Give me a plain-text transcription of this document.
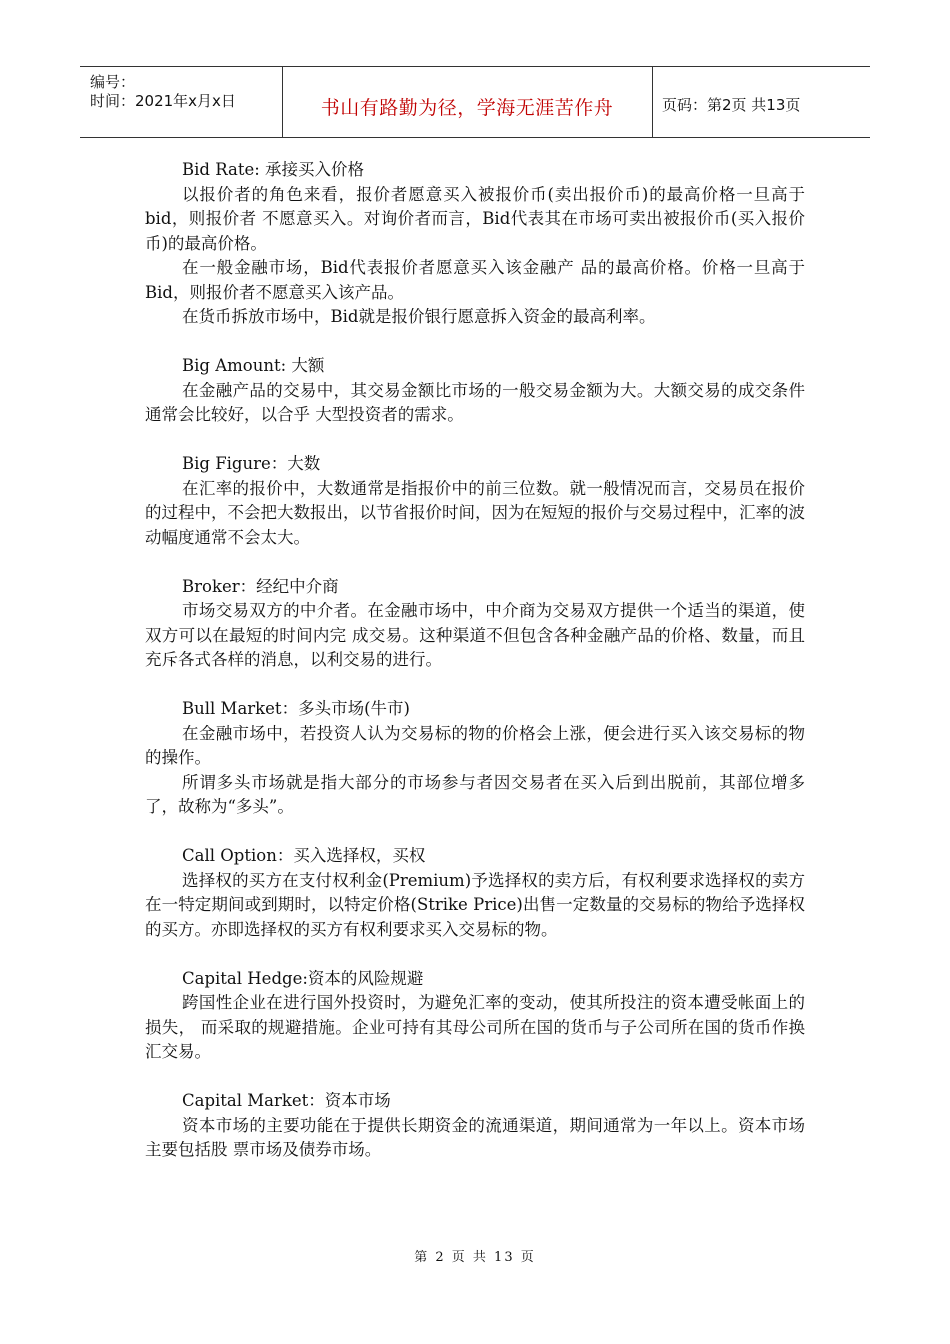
编号：
时间：2021年x月x日	书山有路勤为径，学海无涯苦作舟	页码：第2页 共13页
Bid Rate: 承接买入价格
以报价者的角色来看，报价者愿意买入被报价币(卖出报价币)的最高价格一旦高于bid，则报价者 不愿意买入。对询价者而言，Bid代表其在市场可卖出被报价币(买入报价币)的最高价格。
在一般金融市场，Bid代表报价者愿意买入该金融产 品的最高价格。价格一旦高于Bid，则报价者不愿意买入该产品。
在货币拆放市场中，Bid就是报价银行愿意拆入资金的最高利率。
Big Amount: 大额
在金融产品的交易中，其交易金额比市场的一般交易金额为大。大额交易的成交条件通常会比较好，以合乎 大型投资者的需求。
Big Figure：大数
在汇率的报价中，大数通常是指报价中的前三位数。就一般情况而言，交易员在报价的过程中，不会把大数报出，以节省报价时间，因为在短短的报价与交易过程中，汇率的波动幅度通常不会太大。
Broker：经纪中介商
市场交易双方的中介者。在金融市场中，中介商为交易双方提供一个适当的渠道，使双方可以在最短的时间内完 成交易。这种渠道不但包含各种金融产品的价格、数量，而且充斥各式各样的消息，以利交易的进行。
Bull Market：多头市场(牛市)
在金融市场中，若投资人认为交易标的物的价格会上涨，便会进行买入该交易标的物的操作。
所谓多头市场就是指大部分的市场参与者因交易者在买入后到出脱前，其部位增多了，故称为“多头”。
Call Option：买入选择权，买权
选择权的买方在支付权利金(Premium)予选择权的卖方后，有权利要求选择权的卖方 在一特定期间或到期时，以特定价格(Strike Price)出售一定数量的交易标的物给予选择权的买方。亦即选择权的买方有权利要求买入交易标的物。
Capital Hedge:资本的风险规避
跨国性企业在进行国外投资时，为避免汇率的变动，使其所投注的资本遭受帐面上的损失， 而采取的规避措施。企业可持有其母公司所在国的货币与子公司所在国的货币作换汇交易。
Capital Market：资本市场
资本市场的主要功能在于提供长期资金的流通渠道，期间通常为一年以上。资本市场主要包括股 票市场及债券市场。
第 2 页 共 13 页
